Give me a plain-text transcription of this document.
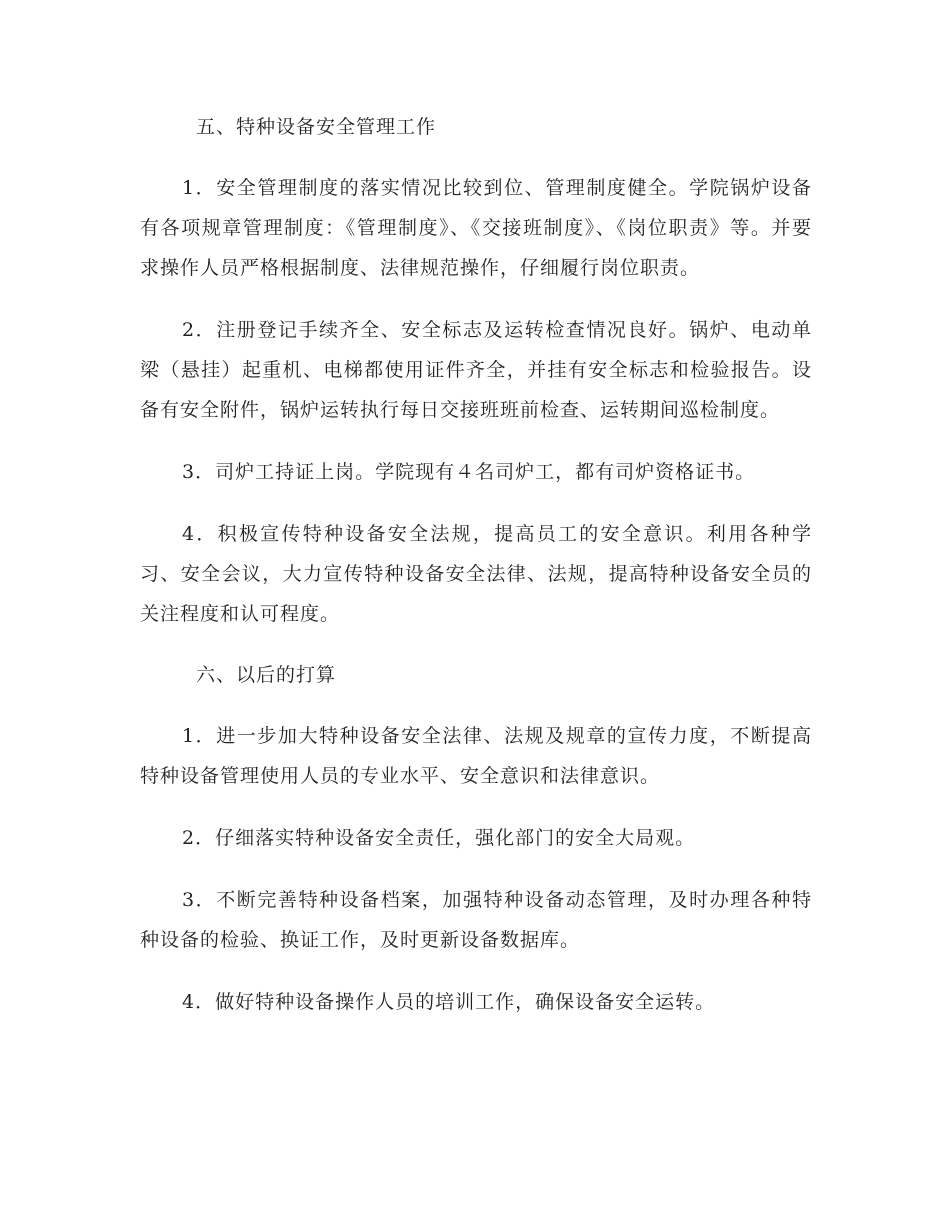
五、特种设备安全管理工作

1．安全管理制度的落实情况比较到位、管理制度健全。学院锅炉设备有各项规章管理制度：《管理制度》、《交接班制度》、《岗位职责》等。并要求操作人员严格根据制度、法律规范操作，仔细履行岗位职责。

2．注册登记手续齐全、安全标志及运转检查情况良好。锅炉、电动单梁（悬挂）起重机、电梯都使用证件齐全，并挂有安全标志和检验报告。设备有安全附件，锅炉运转执行每日交接班班前检查、运转期间巡检制度。

3．司炉工持证上岗。学院现有４名司炉工，都有司炉资格证书。

4．积极宣传特种设备安全法规，提高员工的安全意识。利用各种学习、安全会议，大力宣传特种设备安全法律、法规，提高特种设备安全员的关注程度和认可程度。

六、以后的打算

1．进一步加大特种设备安全法律、法规及规章的宣传力度，不断提高特种设备管理使用人员的专业水平、安全意识和法律意识。

2．仔细落实特种设备安全责任，强化部门的安全大局观。

3．不断完善特种设备档案，加强特种设备动态管理，及时办理各种特种设备的检验、换证工作，及时更新设备数据库。

4．做好特种设备操作人员的培训工作，确保设备安全运转。
